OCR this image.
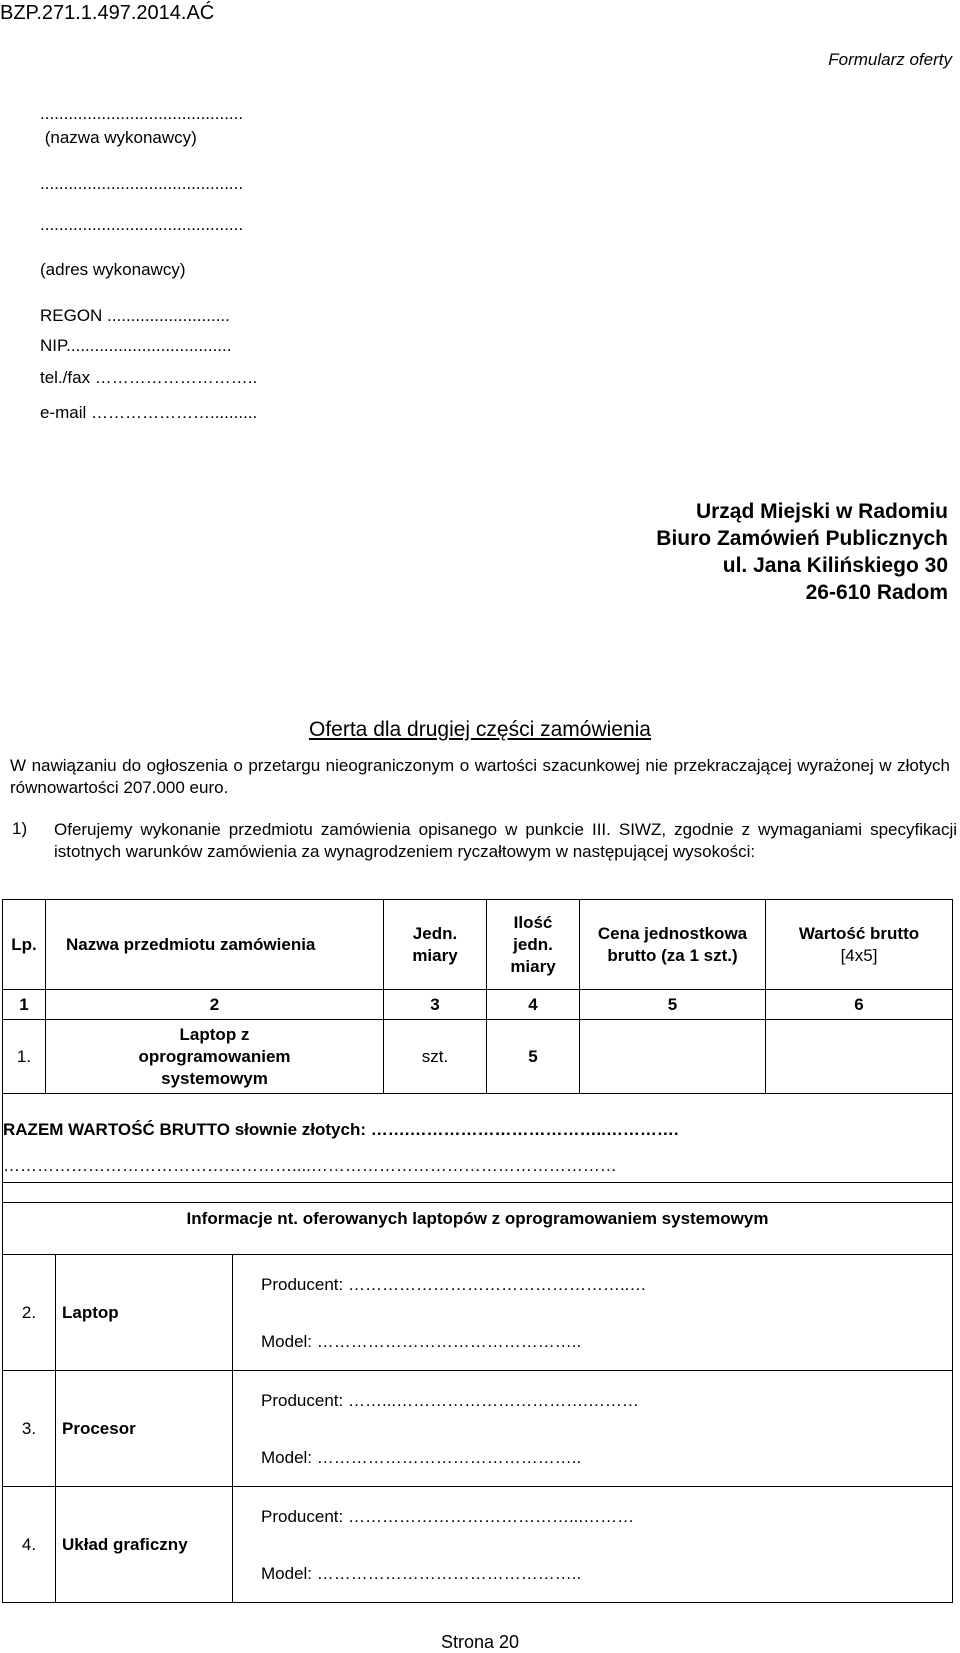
BZP.271.1.497.2014.AĆ
Formularz oferty
...........................................
(nazwa wykonawcy)
...........................................
...........................................
(adres wykonawcy)
REGON ..........................
NIP...................................
tel./fax ………………………..
e-mail …………………..........
Urząd Miejski w Radomiu
Biuro Zamówień Publicznych
ul. Jana Kilińskiego 30
26-610 Radom
Oferta dla drugiej części zamówienia
W nawiązaniu do ogłoszenia o przetargu nieograniczonym o wartości szacunkowej nie przekraczającej wyrażonej w złotych równowartości 207.000 euro.
1) Oferujemy wykonanie przedmiotu zamówienia opisanego w punkcie III. SIWZ, zgodnie z wymaganiami specyfikacji istotnych warunków zamówienia za wynagrodzeniem ryczałtowym w następującej wysokości:
Lp.	Nazwa przedmiotu zamówienia	Jedn. miary	Ilość jedn. miary	Cena jednostkowa brutto (za 1 szt.)	Wartość brutto [4x5]
1	2	3	4	5	6
1.	Laptop z oprogramowaniem systemowym	szt.	5		

RAZEM WARTOŚĆ BRUTTO słownie złotych: …….……………………………..………….
……………………………………………....………………………………………………					
Informacje nt. oferowanych laptopów z oprogramowaniem systemowym		
2.	Laptop	Producent: …………………………………………..…
Model: ………………………………………..

3.	Procesor	Producent: ……...…………………………….………
Model: ………………………………………..

4.	Układ graficzny	Producent: …………………………………...………
Model: ………………………………………..
Strona 20
